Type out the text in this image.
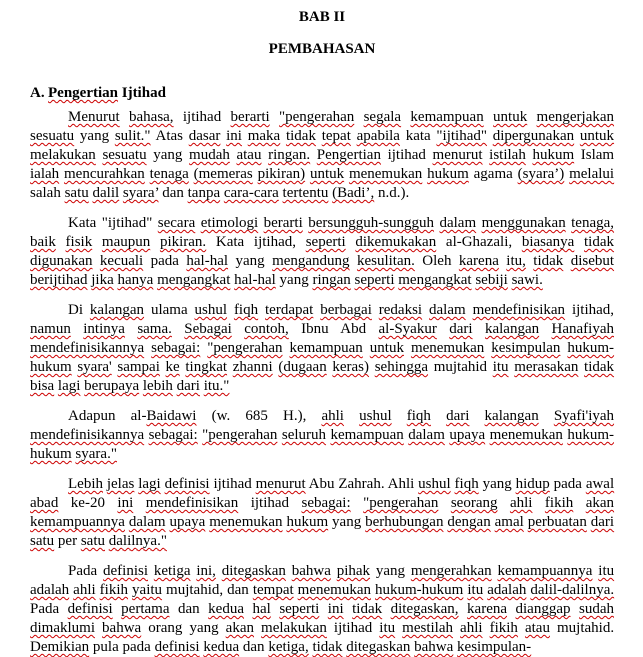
BAB II
PEMBAHASAN
A. Pengertian Ijtihad

Menurut bahasa, ijtihad berarti "pengerahan segala kemampuan untuk mengerjakan sesuatu yang sulit." Atas dasar ini maka tidak tepat apabila kata "ijtihad" dipergunakan untuk melakukan sesuatu yang mudah atau ringan. Pengertian ijtihad menurut istilah hukum Islam ialah mencurahkan tenaga (memeras pikiran) untuk menemukan hukum agama (syara’) melalui salah satu dalil syara’ dan tanpa cara-cara tertentu (Badi’, n.d.).

Kata "ijtihad" secara etimologi berarti bersungguh-sungguh dalam menggunakan tenaga, baik fisik maupun pikiran. Kata ijtihad, seperti dikemukakan al-Ghazali, biasanya tidak digunakan kecuali pada hal-hal yang mengandung kesulitan. Oleh karena itu, tidak disebut berijtihad jika hanya mengangkat hal-hal yang ringan seperti mengangkat sebiji sawi.

Di kalangan ulama ushul fiqh terdapat berbagai redaksi dalam mendefinisikan ijtihad, namun intinya sama. Sebagai contoh, Ibnu Abd al-Syakur dari kalangan Hanafiyah mendefinisikannya sebagai: "pengerahan kemampuan untuk menemukan kesimpulan hukum-hukum syara' sampai ke tingkat zhanni (dugaan keras) sehingga mujtahid itu merasakan tidak bisa lagi berupaya lebih dari itu."

Adapun al-Baidawi (w. 685 H.), ahli ushul fiqh dari kalangan Syafi'iyah mendefinisikannya sebagai: "pengerahan seluruh kemampuan dalam upaya menemukan hukum-hukum syara."

Lebih jelas lagi definisi ijtihad menurut Abu Zahrah. Ahli ushul fiqh yang hidup pada awal abad ke-20 ini mendefinisikan ijtihad sebagai: "pengerahan seorang ahli fikih akan kemampuannya dalam upaya menemukan hukum yang berhubungan dengan amal perbuatan dari satu per satu dalilnya."

Pada definisi ketiga ini, ditegaskan bahwa pihak yang mengerahkan kemampuannya itu adalah ahli fikih yaitu mujtahid, dan tempat menemukan hukum-hukum itu adalah dalil-dalilnya. Pada definisi pertama dan kedua hal seperti ini tidak ditegaskan, karena dianggap sudah dimaklumi bahwa orang yang akan melakukan ijtihad itu mestilah ahli fikih atau mujtahid. Demikian pula pada definisi kedua dan ketiga, tidak ditegaskan bahwa kesimpulan-
